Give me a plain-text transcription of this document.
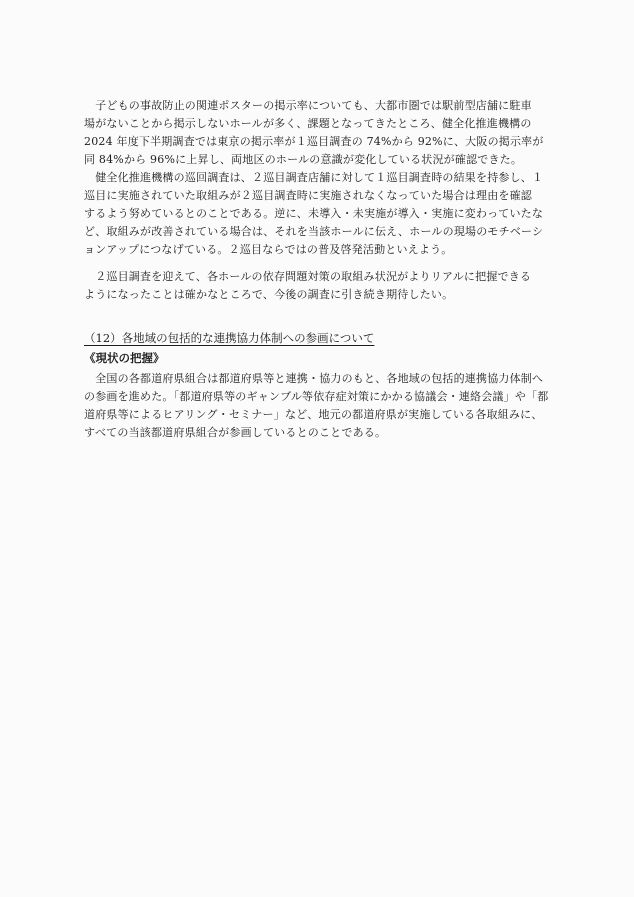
　子どもの事故防止の関連ポスターの掲示率についても、大都市圏では駅前型店舗に駐車
場がないことから掲示しないホールが多く、課題となってきたところ、健全化推進機構の
2024 年度下半期調査では東京の掲示率が１巡目調査の 74%から 92%に、大阪の掲示率が
同 84%から 96%に上昇し、両地区のホールの意識が変化している状況が確認できた。
　健全化推進機構の巡回調査は、２巡目調査店舗に対して１巡目調査時の結果を持参し、１
巡目に実施されていた取組みが２巡目調査時に実施されなくなっていた場合は理由を確認
するよう努めているとのことである。逆に、未導入・未実施が導入・実施に変わっていたな
ど、取組みが改善されている場合は、それを当該ホールに伝え、ホールの現場のモチベーシ
ョンアップにつなげている。２巡目ならではの普及啓発活動といえよう。
　２巡目調査を迎えて、各ホールの依存問題対策の取組み状況がよりリアルに把握できる
ようになったことは確かなところで、今後の調査に引き続き期待したい。
（12）各地域の包括的な連携協力体制への参画について
《現状の把握》
　全国の各都道府県組合は都道府県等と連携・協力のもと、各地域の包括的連携協力体制へ
の参画を進めた。「都道府県等のギャンブル等依存症対策にかかる協議会・連絡会議」や「都
道府県等によるヒアリング・セミナー」など、地元の都道府県が実施している各取組みに、
すべての当該都道府県組合が参画しているとのことである。
